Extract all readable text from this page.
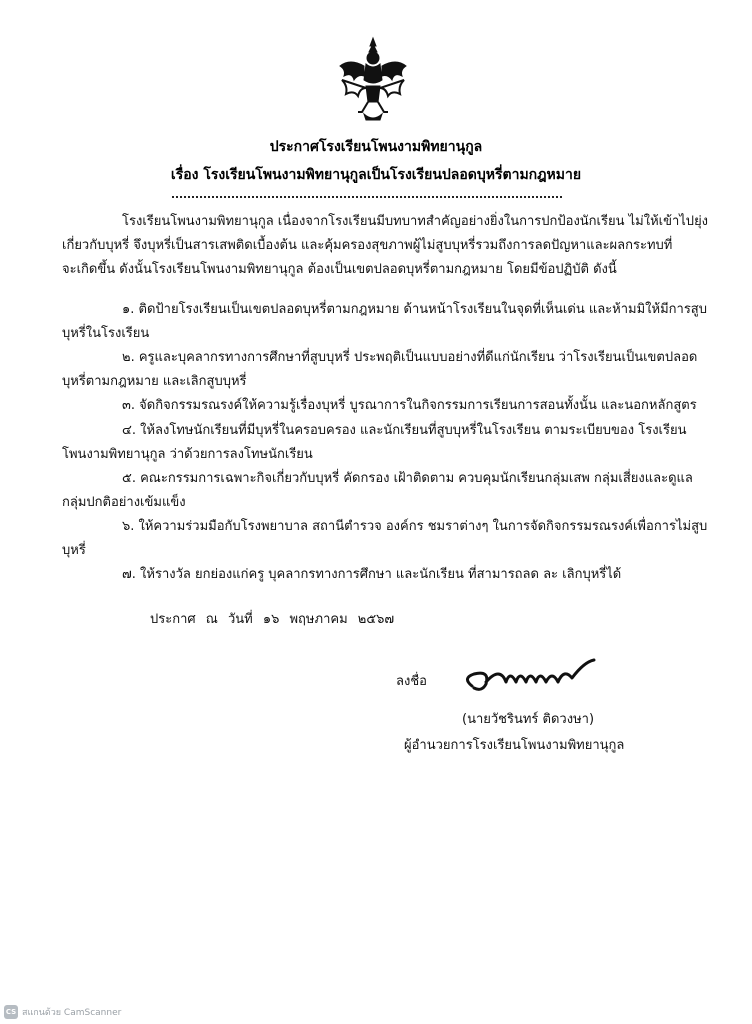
ประกาศโรงเรียนโพนงามพิทยานุกูล
เรื่อง โรงเรียนโพนงามพิทยานุกูลเป็นโรงเรียนปลอดบุหรี่ตามกฎหมาย
โรงเรียนโพนงามพิทยานุกูล เนื่องจากโรงเรียนมีบทบาทสำคัญอย่างยิ่งในการปกป้องนักเรียน ไม่ให้เข้าไปยุ่ง
เกี่ยวกับบุหรี่ จึงบุหรี่เป็นสารเสพติดเบื้องต้น และคุ้มครองสุขภาพผู้ไม่สูบบุหรี่รวมถึงการลดปัญหาและผลกระทบที่
จะเกิดขึ้น ดังนั้นโรงเรียนโพนงามพิทยานุกูล ต้องเป็นเขตปลอดบุหรี่ตามกฎหมาย โดยมีข้อปฏิบัติ ดังนี้
๑. ติดป้ายโรงเรียนเป็นเขตปลอดบุหรี่ตามกฎหมาย ด้านหน้าโรงเรียนในจุดที่เห็นเด่น และห้ามมิให้มีการสูบ
บุหรี่ในโรงเรียน
๒. ครูและบุคลากรทางการศึกษาที่สูบบุหรี่ ประพฤติเป็นแบบอย่างที่ดีแก่นักเรียน ว่าโรงเรียนเป็นเขตปลอด
บุหรี่ตามกฎหมาย และเลิกสูบบุหรี่
๓. จัดกิจกรรมรณรงค์ให้ความรู้เรื่องบุหรี่ บูรณาการในกิจกรรมการเรียนการสอนทั้งนั้น และนอกหลักสูตร
๔. ให้ลงโทษนักเรียนที่มีบุหรี่ในครอบครอง และนักเรียนที่สูบบุหรี่ในโรงเรียน ตามระเบียบของ โรงเรียน
โพนงามพิทยานุกูล ว่าด้วยการลงโทษนักเรียน
๕. คณะกรรมการเฉพาะกิจเกี่ยวกับบุหรี่ คัดกรอง เฝ้าติดตาม ควบคุมนักเรียนกลุ่มเสพ กลุ่มเสี่ยงและดูแล
กลุ่มปกติอย่างเข้มแข็ง
๖. ให้ความร่วมมือกับโรงพยาบาล สถานีตำรวจ องค์กร ชมราต่างๆ ในการจัดกิจกรรมรณรงค์เพื่อการไม่สูบ
บุหรี่
๗. ให้รางวัล ยกย่องแก่ครู บุคลากรทางการศึกษา และนักเรียน ที่สามารถลด ละ เลิกบุหรี่ได้
ประกาศ ณ วันที่ ๑๖ พฤษภาคม ๒๕๖๗
ลงชื่อ
(นายวัชรินทร์ ติดวงษา)
ผู้อำนวยการโรงเรียนโพนงามพิทยานุกูล
CS สแกนด้วย CamScanner
